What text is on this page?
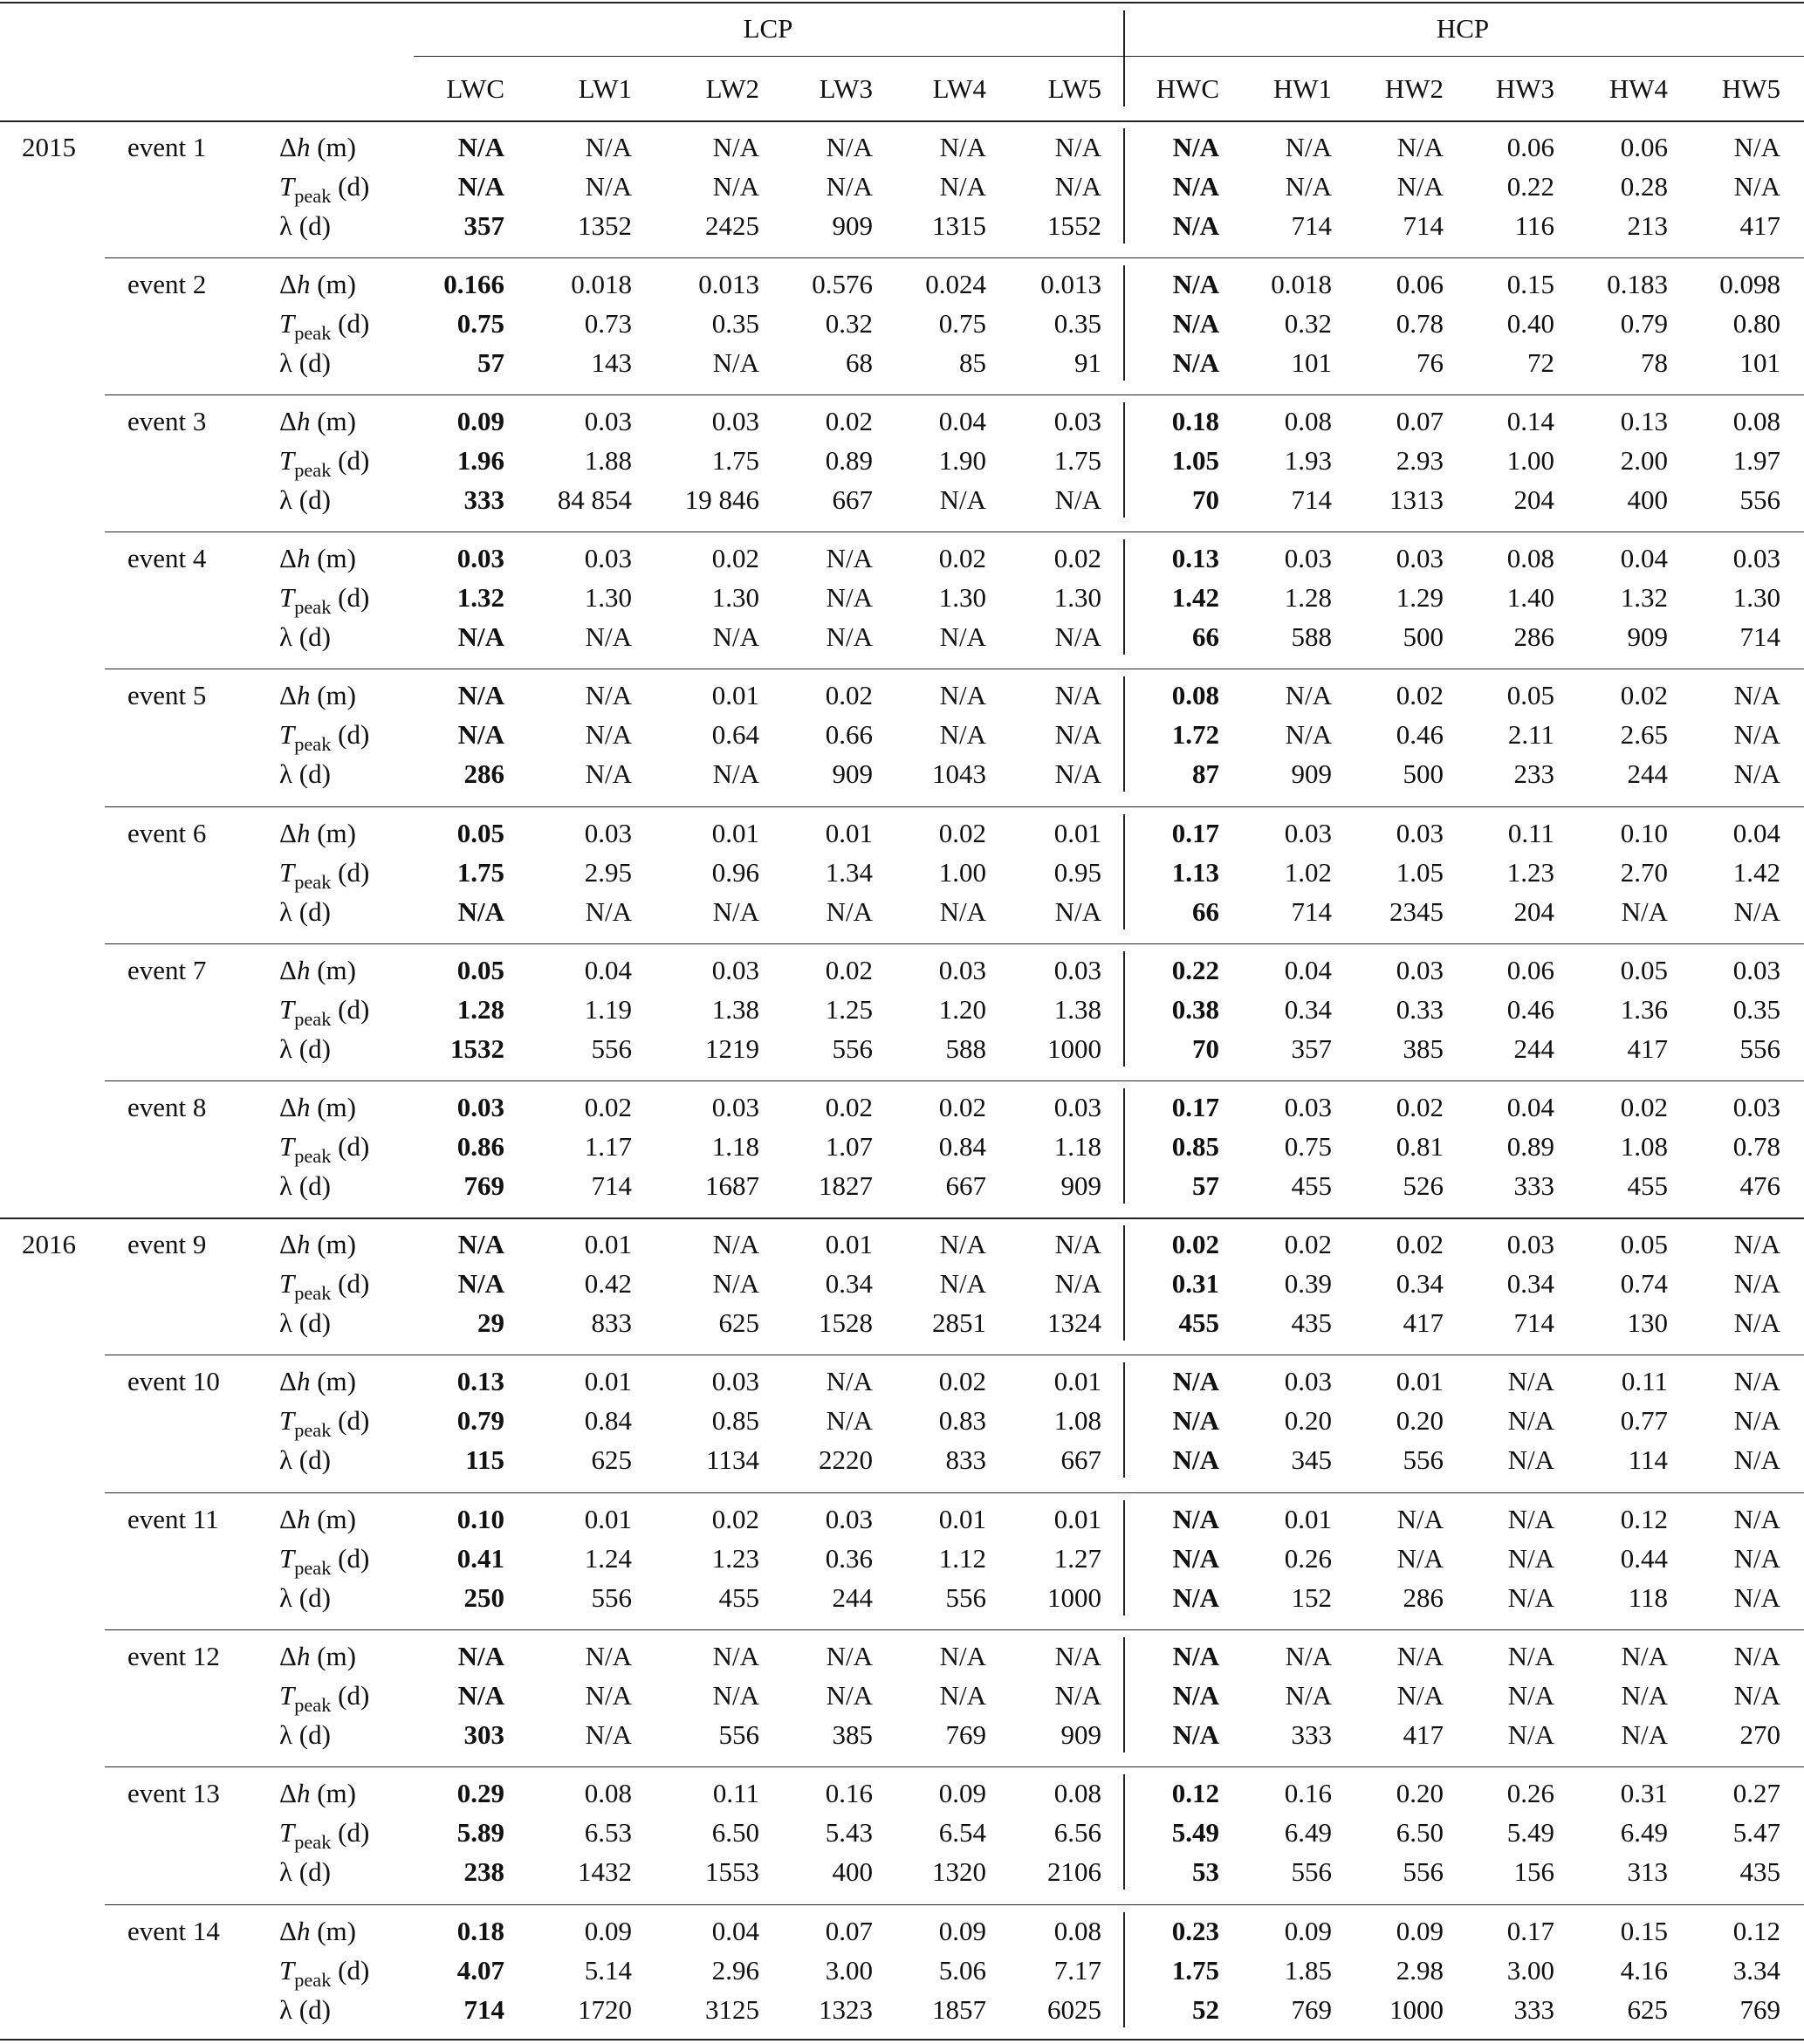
LCP	HCP
LWC	LW1	LW2	LW3	LW4	LW5	HWC	HW1	HW2	HW3	HW4	HW5
2015 event 1	Δh (m)	N/A	N/A	N/A	N/A	N/A	N/A	N/A	N/A	N/A	0.06	0.06	N/A
$T_{peak}$ (d)	N/A	N/A	N/A	N/A	N/A	N/A	N/A	N/A	N/A	0.22	0.28	N/A
λ (d)	357	1352	2425	909	1315	1552	N/A	714	714	116	213	417
event 2	Δh (m)	0.166	0.018	0.013	0.576	0.024	0.013	N/A	0.018	0.06	0.15	0.183	0.098
$T_{peak}$ (d)	0.75	0.73	0.35	0.32	0.75	0.35	N/A	0.32	0.78	0.40	0.79	0.80
λ (d)	57	143	N/A	68	85	91	N/A	101	76	72	78	101
event 3	Δh (m)	0.09	0.03	0.03	0.02	0.04	0.03	0.18	0.08	0.07	0.14	0.13	0.08
$T_{peak}$ (d)	1.96	1.88	1.75	0.89	1.90	1.75	1.05	1.93	2.93	1.00	2.00	1.97
λ (d)	333	84 854	19 846	667	N/A	N/A	70	714	1313	204	400	556
event 4	Δh (m)	0.03	0.03	0.02	N/A	0.02	0.02	0.13	0.03	0.03	0.08	0.04	0.03
$T_{peak}$ (d)	1.32	1.30	1.30	N/A	1.30	1.30	1.42	1.28	1.29	1.40	1.32	1.30
λ (d)	N/A	N/A	N/A	N/A	N/A	N/A	66	588	500	286	909	714
event 5	Δh (m)	N/A	N/A	0.01	0.02	N/A	N/A	0.08	N/A	0.02	0.05	0.02	N/A
$T_{peak}$ (d)	N/A	N/A	0.64	0.66	N/A	N/A	1.72	N/A	0.46	2.11	2.65	N/A
λ (d)	286	N/A	N/A	909	1043	N/A	87	909	500	233	244	N/A
event 6	Δh (m)	0.05	0.03	0.01	0.01	0.02	0.01	0.17	0.03	0.03	0.11	0.10	0.04
$T_{peak}$ (d)	1.75	2.95	0.96	1.34	1.00	0.95	1.13	1.02	1.05	1.23	2.70	1.42
λ (d)	N/A	N/A	N/A	N/A	N/A	N/A	66	714	2345	204	N/A	N/A
event 7	Δh (m)	0.05	0.04	0.03	0.02	0.03	0.03	0.22	0.04	0.03	0.06	0.05	0.03
$T_{peak}$ (d)	1.28	1.19	1.38	1.25	1.20	1.38	0.38	0.34	0.33	0.46	1.36	0.35
λ (d)	1532	556	1219	556	588	1000	70	357	385	244	417	556
event 8	Δh (m)	0.03	0.02	0.03	0.02	0.02	0.03	0.17	0.03	0.02	0.04	0.02	0.03
$T_{peak}$ (d)	0.86	1.17	1.18	1.07	0.84	1.18	0.85	0.75	0.81	0.89	1.08	0.78
λ (d)	769	714	1687	1827	667	909	57	455	526	333	455	476
2016 event 9	Δh (m)	N/A	0.01	N/A	0.01	N/A	N/A	0.02	0.02	0.02	0.03	0.05	N/A
$T_{peak}$ (d)	N/A	0.42	N/A	0.34	N/A	N/A	0.31	0.39	0.34	0.34	0.74	N/A
λ (d)	29	833	625	1528	2851	1324	455	435	417	714	130	N/A
event 10 Δh (m)	0.13	0.01	0.03	N/A	0.02	0.01	N/A	0.03	0.01	N/A	0.11	N/A
$T_{peak}$ (d)	0.79	0.84	0.85	N/A	0.83	1.08	N/A	0.20	0.20	N/A	0.77	N/A
λ (d)	115	625	1134	2220	833	667	N/A	345	556	N/A	114	N/A
event 11 Δh (m)	0.10	0.01	0.02	0.03	0.01	0.01	N/A	0.01	N/A	N/A	0.12	N/A
$T_{peak}$ (d)	0.41	1.24	1.23	0.36	1.12	1.27	N/A	0.26	N/A	N/A	0.44	N/A
λ (d)	250	556	455	244	556	1000	N/A	152	286	N/A	118	N/A
event 12 Δh (m)	N/A	N/A	N/A	N/A	N/A	N/A	N/A	N/A	N/A	N/A	N/A	N/A
$T_{peak}$ (d)	N/A	N/A	N/A	N/A	N/A	N/A	N/A	N/A	N/A	N/A	N/A	N/A
λ (d)	303	N/A	556	385	769	909	N/A	333	417	N/A	N/A	270
event 13 Δh (m)	0.29	0.08	0.11	0.16	0.09	0.08	0.12	0.16	0.20	0.26	0.31	0.27
$T_{peak}$ (d)	5.89	6.53	6.50	5.43	6.54	6.56	5.49	6.49	6.50	5.49	6.49	5.47
λ (d)	238	1432	1553	400	1320	2106	53	556	556	156	313	435
event 14 Δh (m)	0.18	0.09	0.04	0.07	0.09	0.08	0.23	0.09	0.09	0.17	0.15	0.12
$T_{peak}$ (d)	4.07	5.14	2.96	3.00	5.06	7.17	1.75	1.85	2.98	3.00	4.16	3.34
λ (d)	714	1720	3125	1323	1857	6025	52	769	1000	333	625	769
